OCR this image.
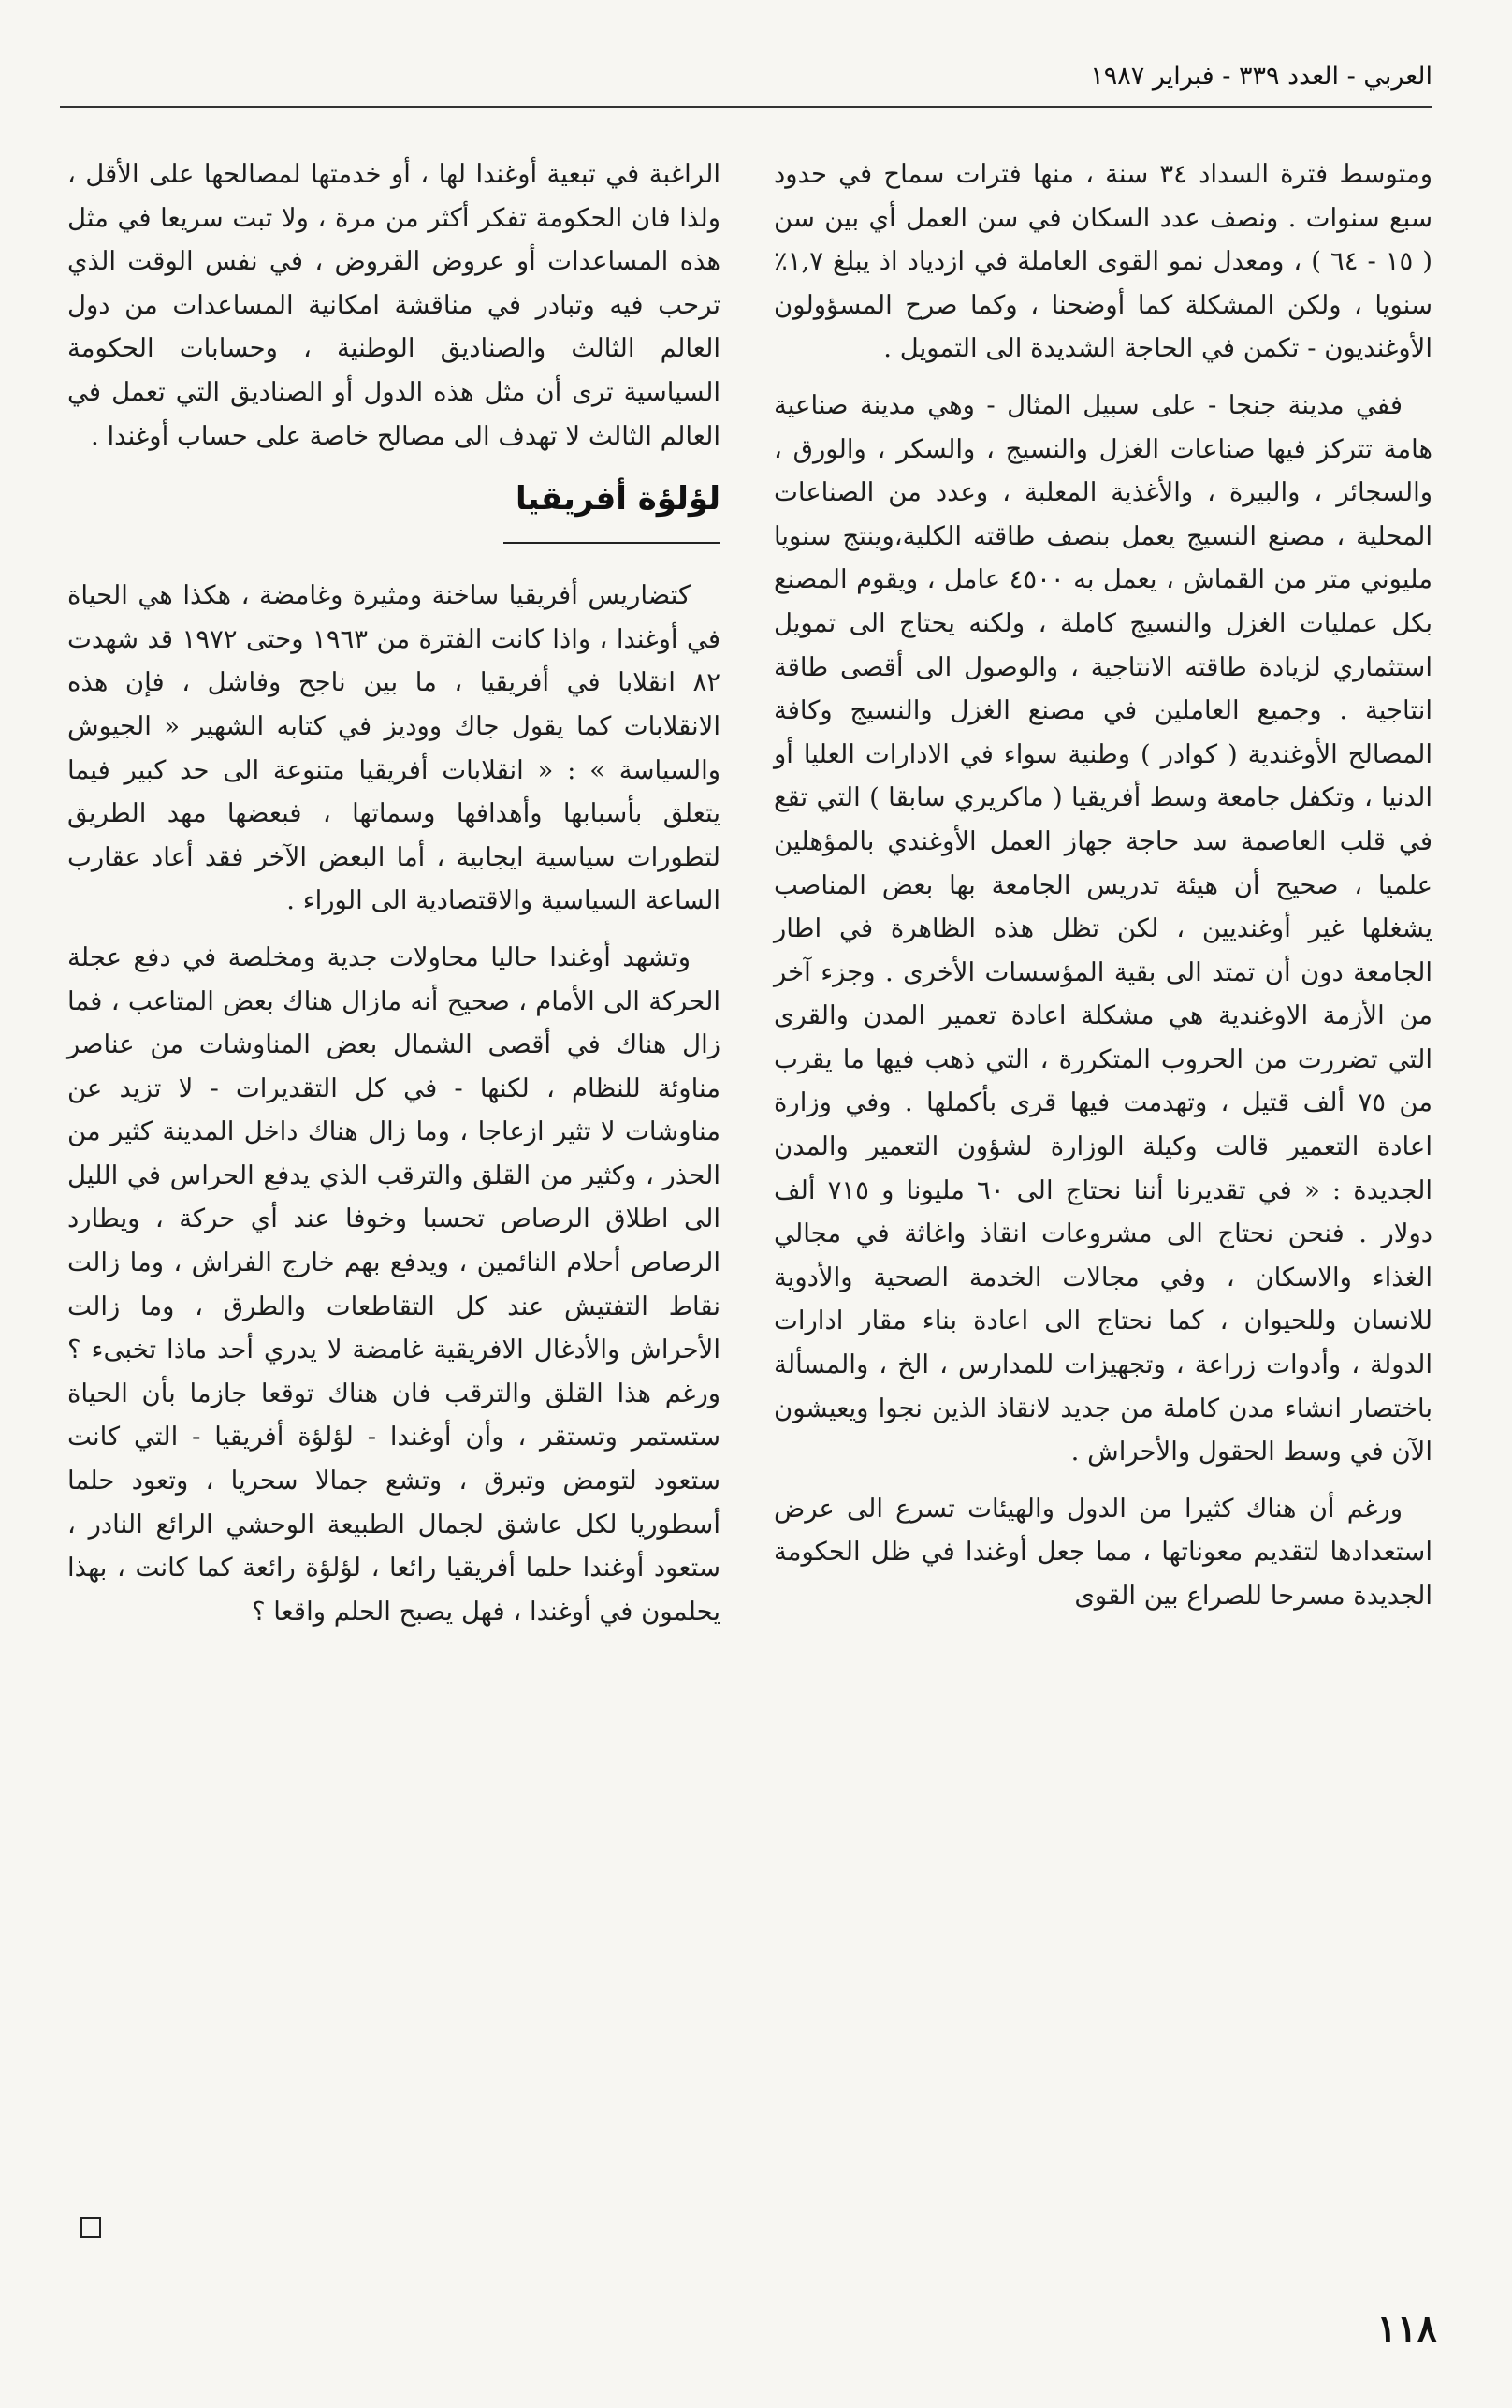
العربي - العدد ٣٣٩ - فبراير ١٩٨٧

ومتوسط فترة السداد ٣٤ سنة ، منها فترات سماح في حدود سبع سنوات . ونصف عدد السكان في سن العمل أي بين سن ( ١٥ - ٦٤ ) ، ومعدل نمو القوى العاملة في ازدياد اذ يبلغ ١,٧٪ سنويا ، ولكن المشكلة كما أوضحنا ، وكما صرح المسؤولون الأوغنديون - تكمن في الحاجة الشديدة الى التمويل .

ففي مدينة جنجا - على سبيل المثال - وهي مدينة صناعية هامة تتركز فيها صناعات الغزل والنسيج ، والسكر ، والورق ، والسجائر ، والبيرة ، والأغذية المعلبة ، وعدد من الصناعات المحلية ، مصنع النسيج يعمل بنصف طاقته الكلية،وينتج سنويا مليوني متر من القماش ، يعمل به ٤٥٠٠ عامل ، ويقوم المصنع بكل عمليات الغزل والنسيج كاملة ، ولكنه يحتاج الى تمويل استثماري لزيادة طاقته الانتاجية ، والوصول الى أقصى طاقة انتاجية . وجميع العاملين في مصنع الغزل والنسيج وكافة المصالح الأوغندية ( كوادر ) وطنية سواء في الادارات العليا أو الدنيا ، وتكفل جامعة وسط أفريقيا ( ماكريري سابقا ) التي تقع في قلب العاصمة سد حاجة جهاز العمل الأوغندي بالمؤهلين علميا ، صحيح أن هيئة تدريس الجامعة بها بعض المناصب يشغلها غير أوغنديين ، لكن تظل هذه الظاهرة في اطار الجامعة دون أن تمتد الى بقية المؤسسات الأخرى . وجزء آخر من الأزمة الاوغندية هي مشكلة اعادة تعمير المدن والقرى التي تضررت من الحروب المتكررة ، التي ذهب فيها ما يقرب من ٧٥ ألف قتيل ، وتهدمت فيها قرى بأكملها . وفي وزارة اعادة التعمير قالت وكيلة الوزارة لشؤون التعمير والمدن الجديدة : « في تقديرنا أننا نحتاج الى ٦٠ مليونا و ٧١٥ ألف دولار . فنحن نحتاج الى مشروعات انقاذ واغاثة في مجالي الغذاء والاسكان ، وفي مجالات الخدمة الصحية والأدوية للانسان وللحيوان ، كما نحتاج الى اعادة بناء مقار ادارات الدولة ، وأدوات زراعة ، وتجهيزات للمدارس ، الخ ، والمسألة باختصار انشاء مدن كاملة من جديد لانقاذ الذين نجوا ويعيشون الآن في وسط الحقول والأحراش .

ورغم أن هناك كثيرا من الدول والهيئات تسرع الى عرض استعدادها لتقديم معوناتها ، مما جعل أوغندا في ظل الحكومة الجديدة مسرحا للصراع بين القوى

الراغبة في تبعية أوغندا لها ، أو خدمتها لمصالحها على الأقل ، ولذا فان الحكومة تفكر أكثر من مرة ، ولا تبت سريعا في مثل هذه المساعدات أو عروض القروض ، في نفس الوقت الذي ترحب فيه وتبادر في مناقشة امكانية المساعدات من دول العالم الثالث والصناديق الوطنية ، وحسابات الحكومة السياسية ترى أن مثل هذه الدول أو الصناديق التي تعمل في العالم الثالث لا تهدف الى مصالح خاصة على حساب أوغندا .

لؤلؤة أفريقيا

كتضاريس أفريقيا ساخنة ومثيرة وغامضة ، هكذا هي الحياة في أوغندا ، واذا كانت الفترة من ١٩٦٣ وحتى ١٩٧٢ قد شهدت ٨٢ انقلابا في أفريقيا ، ما بين ناجح وفاشل ، فإن هذه الانقلابات كما يقول جاك ووديز في كتابه الشهير « الجيوش والسياسة » : « انقلابات أفريقيا متنوعة الى حد كبير فيما يتعلق بأسبابها وأهدافها وسماتها ، فبعضها مهد الطريق لتطورات سياسية ايجابية ، أما البعض الآخر فقد أعاد عقارب الساعة السياسية والاقتصادية الى الوراء .

وتشهد أوغندا حاليا محاولات جدية ومخلصة في دفع عجلة الحركة الى الأمام ، صحيح أنه مازال هناك بعض المتاعب ، فما زال هناك في أقصى الشمال بعض المناوشات من عناصر مناوئة للنظام ، لكنها - في كل التقديرات - لا تزيد عن مناوشات لا تثير ازعاجا ، وما زال هناك داخل المدينة كثير من الحذر ، وكثير من القلق والترقب الذي يدفع الحراس في الليل الى اطلاق الرصاص تحسبا وخوفا عند أي حركة ، ويطارد الرصاص أحلام النائمين ، ويدفع بهم خارج الفراش ، وما زالت نقاط التفتيش عند كل التقاطعات والطرق ، وما زالت الأحراش والأدغال الافريقية غامضة لا يدري أحد ماذا تخبىء ؟ ورغم هذا القلق والترقب فان هناك توقعا جازما بأن الحياة ستستمر وتستقر ، وأن أوغندا - لؤلؤة أفريقيا - التي كانت ستعود لتومض وتبرق ، وتشع جمالا سحريا ، وتعود حلما أسطوريا لكل عاشق لجمال الطبيعة الوحشي الرائع النادر ، ستعود أوغندا حلما أفريقيا رائعا ، لؤلؤة رائعة كما كانت ، بهذا يحلمون في أوغندا ، فهل يصبح الحلم واقعا ؟

١١٨
